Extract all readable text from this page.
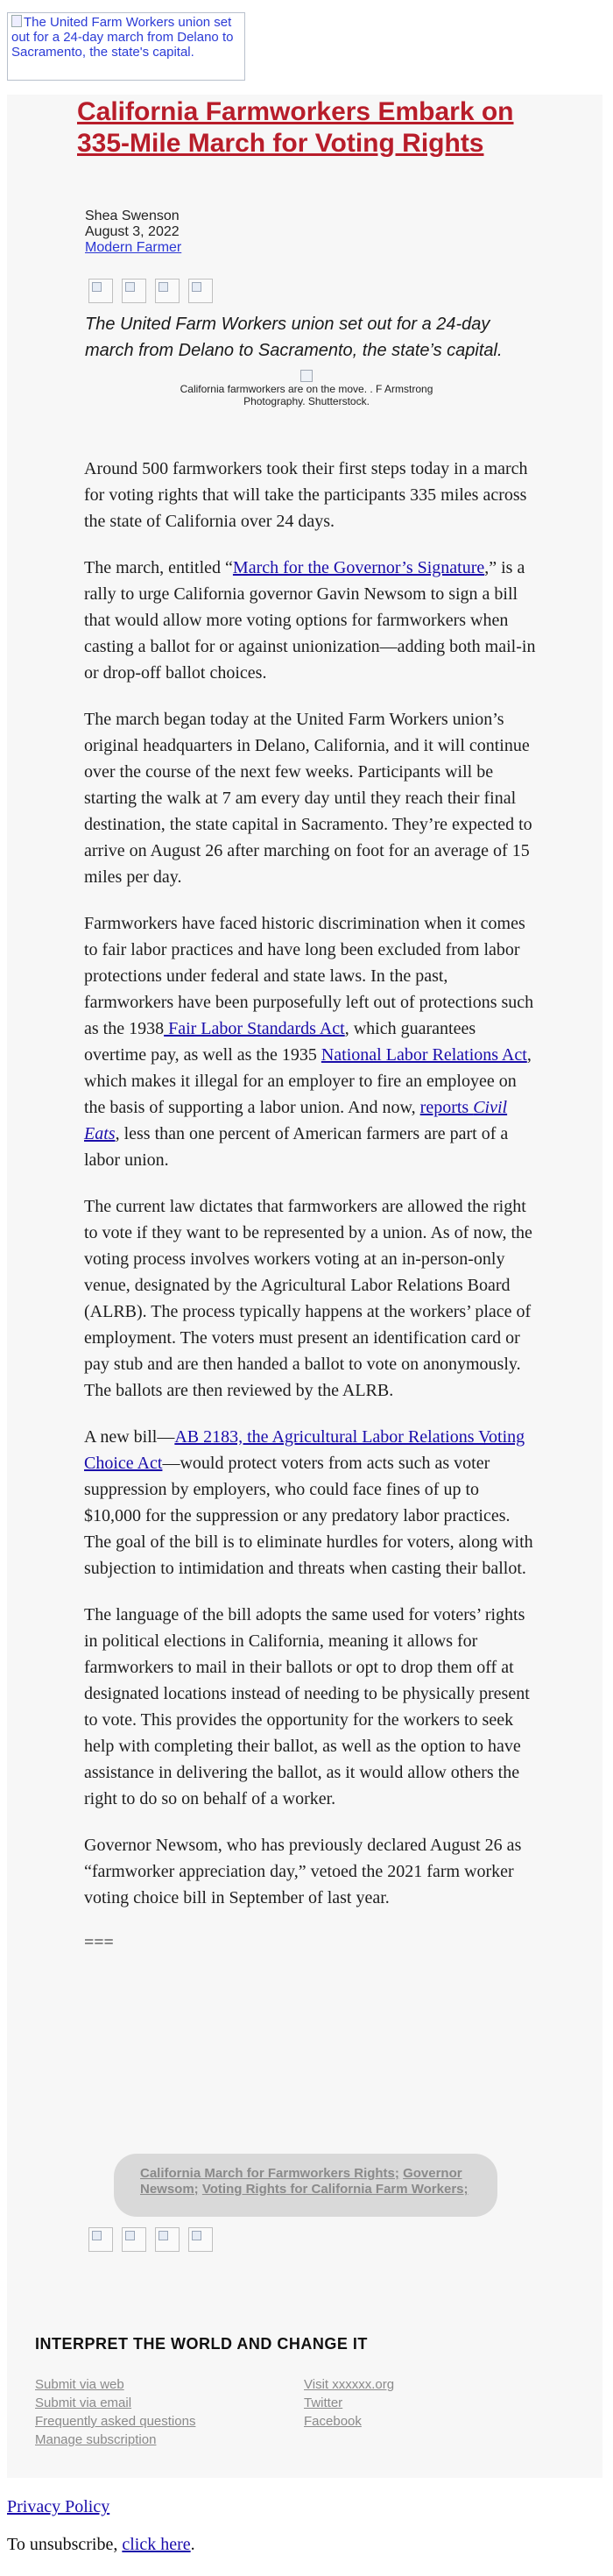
The United Farm Workers union set out for a 24-day march from Delano to Sacramento, the state's capital.
California Farmworkers Embark on 335-Mile March for Voting Rights
Shea Swenson
August 3, 2022
Modern Farmer

The United Farm Workers union set out for a 24-day march from Delano to Sacramento, the state’s capital.

California farmworkers are on the move. . F Armstrong Photography. Shutterstock.

Around 500 farmworkers took their first steps today in a march for voting rights that will take the participants 335 miles across the state of California over 24 days.

The march, entitled “March for the Governor’s Signature,” is a rally to urge California governor Gavin Newsom to sign a bill that would allow more voting options for farmworkers when casting a ballot for or against unionization—adding both mail-in or drop-off ballot choices.

The march began today at the United Farm Workers union’s original headquarters in Delano, California, and it will continue over the course of the next few weeks. Participants will be starting the walk at 7 am every day until they reach their final destination, the state capital in Sacramento. They’re expected to arrive on August 26 after marching on foot for an average of 15 miles per day.

Farmworkers have faced historic discrimination when it comes to fair labor practices and have long been excluded from labor protections under federal and state laws. In the past, farmworkers have been purposefully left out of protections such as the 1938 Fair Labor Standards Act, which guarantees overtime pay, as well as the 1935 National Labor Relations Act, which makes it illegal for an employer to fire an employee on the basis of supporting a labor union. And now, reports Civil Eats, less than one percent of American farmers are part of a labor union.

The current law dictates that farmworkers are allowed the right to vote if they want to be represented by a union. As of now, the voting process involves workers voting at an in-person-only venue, designated by the Agricultural Labor Relations Board (ALRB). The process typically happens at the workers’ place of employment. The voters must present an identification card or pay stub and are then handed a ballot to vote on anonymously. The ballots are then reviewed by the ALRB.

A new bill—AB 2183, the Agricultural Labor Relations Voting Choice Act—would protect voters from acts such as voter suppression by employers, who could face fines of up to $10,000 for the suppression or any predatory labor practices. The goal of the bill is to eliminate hurdles for voters, along with subjection to intimidation and threats when casting their ballot.

The language of the bill adopts the same used for voters’ rights in political elections in California, meaning it allows for farmworkers to mail in their ballots or opt to drop them off at designated locations instead of needing to be physically present to vote. This provides the opportunity for the workers to seek help with completing their ballot, as well as the option to have assistance in delivering the ballot, as it would allow others the right to do so on behalf of a worker.

Governor Newsom, who has previously declared August 26 as “farmworker appreciation day,” vetoed the 2021 farm worker voting choice bill in September of last year.

===

California March for Farmworkers Rights; Governor Newsom; Voting Rights for California Farm Workers;
INTERPRET THE WORLD AND CHANGE IT
Submit via web
Submit via email
Frequently asked questions
Manage subscription
Visit xxxxxx.org
Twitter
Facebook
Privacy Policy
To unsubscribe, click here.
